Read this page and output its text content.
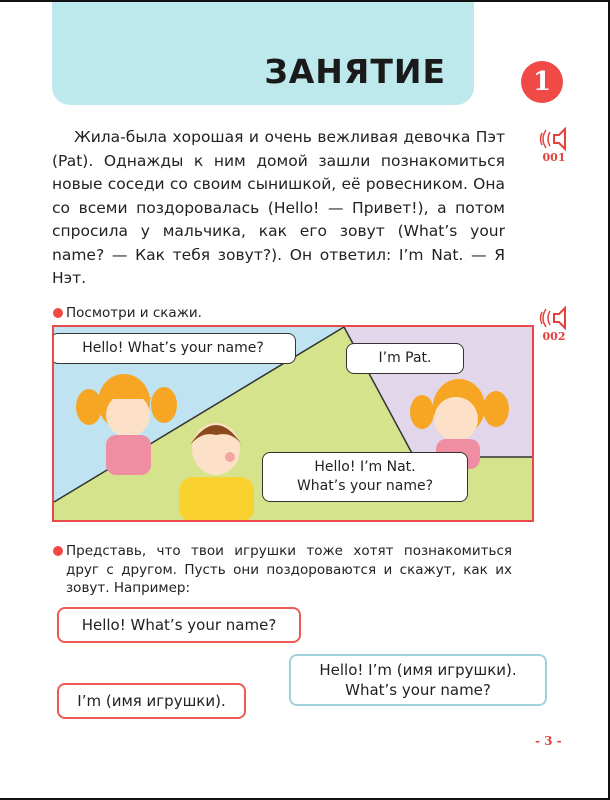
ЗАНЯТИЕ	1
Жила-была хорошая и очень вежливая девочка Пэт (Pat). Однажды к ним домой зашли познакомиться новые соседи со своим сынишкой, её ровесником. Она со всеми поздоровалась (Hello! — Привет!), а потом спросила у мальчика, как его зовут (What’s your name? — Как тебя зовут?). Он ответил: I’m Nat. — Я Нэт.
001
Посмотри и скажи.
002
Hello! What’s your name?
I’m Pat.
Hello! I’m Nat.
What’s your name?
Представь, что твои игрушки тоже хотят познакомиться друг с другом. Пусть они поздороваются и скажут, как их зовут. Например:
Hello! What’s your name?
Hello! I’m (имя игрушки).
What’s your name?
I’m (имя игрушки).
- 3 -
